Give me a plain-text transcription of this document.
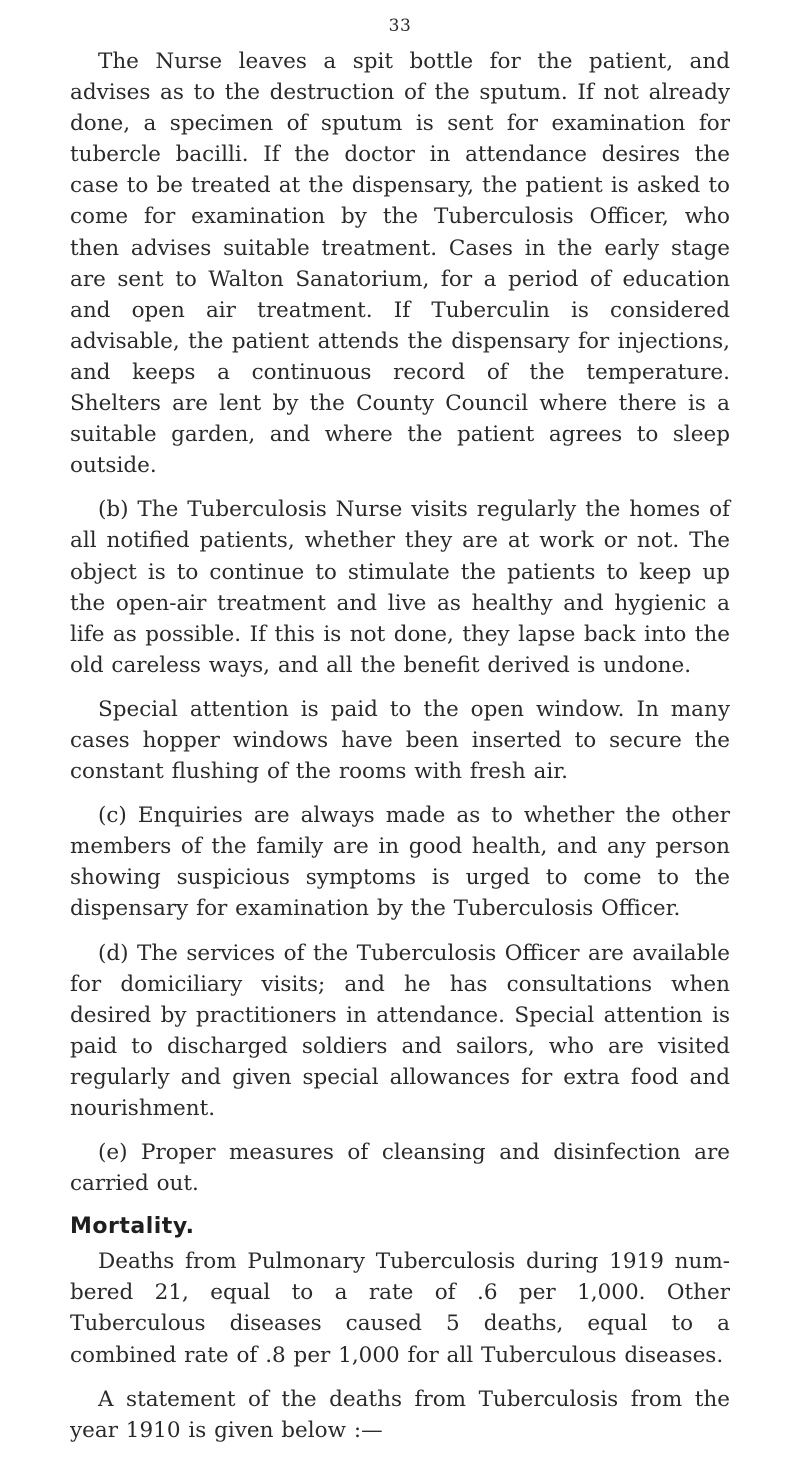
33

The Nurse leaves a spit bottle for the patient, and advises as to the destruction of the sputum. If not already done, a specimen of sputum is sent for examination for tubercle bacilli. If the doctor in attendance desires the case to be treated at the dispensary, the patient is asked to come for examination by the Tuberculosis Officer, who then advises suitable treatment. Cases in the early stage are sent to Walton Sanatorium, for a period of education and open air treatment. If Tuberculin is considered advisable, the patient attends the dispensary for injections, and keeps a continuous record of the temperature. Shelters are lent by the County Council where there is a suitable garden, and where the patient agrees to sleep outside.

(b) The Tuberculosis Nurse visits regularly the homes of all notified patients, whether they are at work or not. The object is to continue to stimulate the patients to keep up the open-air treatment and live as healthy and hygienic a life as possible. If this is not done, they lapse back into the old careless ways, and all the benefit derived is undone.

Special attention is paid to the open window. In many cases hopper windows have been inserted to secure the constant flushing of the rooms with fresh air.

(c) Enquiries are always made as to whether the other members of the family are in good health, and any person showing suspicious symptoms is urged to come to the dispensary for examination by the Tuberculosis Officer.

(d) The services of the Tuberculosis Officer are available for domiciliary visits; and he has consultations when desired by practitioners in attendance. Special attention is paid to discharged soldiers and sailors, who are visited regularly and given special allowances for extra food and nourishment.

(e) Proper measures of cleansing and disinfection are carried out.

Mortality.

Deaths from Pulmonary Tuberculosis during 1919 numbered 21, equal to a rate of .6 per 1,000. Other Tuberculous diseases caused 5 deaths, equal to a combined rate of .8 per 1,000 for all Tuberculous diseases.

A statement of the deaths from Tuberculosis from the year 1910 is given below :—
